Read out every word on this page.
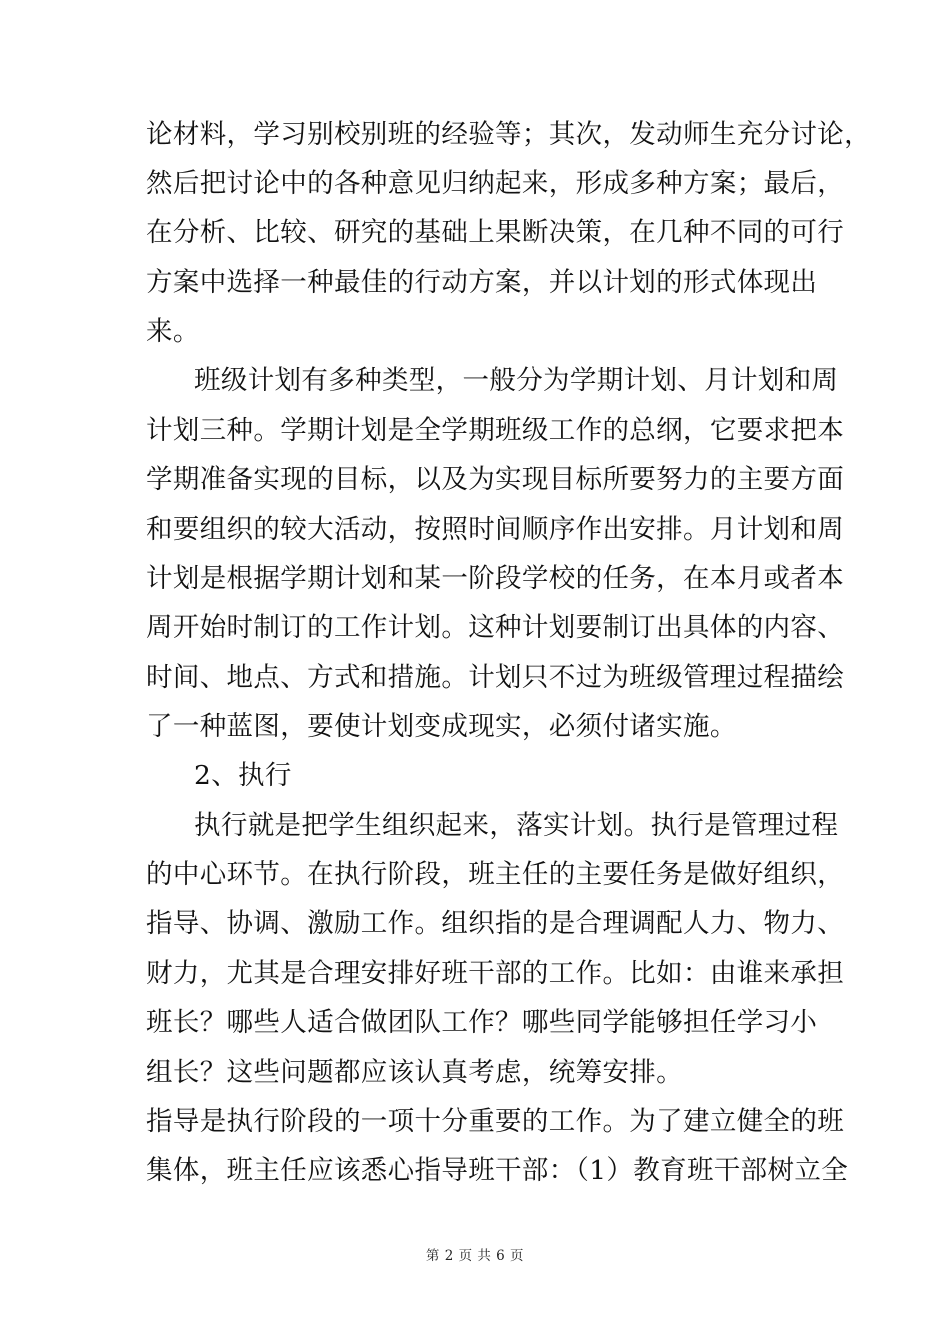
论材料，学习别校别班的经验等；其次，发动师生充分讨论，
然后把讨论中的各种意见归纳起来，形成多种方案；最后，
在分析、比较、研究的基础上果断决策，在几种不同的可行
方案中选择一种最佳的行动方案，并以计划的形式体现出
来。
班级计划有多种类型，一般分为学期计划、月计划和周
计划三种。学期计划是全学期班级工作的总纲，它要求把本
学期准备实现的目标，以及为实现目标所要努力的主要方面
和要组织的较大活动，按照时间顺序作出安排。月计划和周
计划是根据学期计划和某一阶段学校的任务，在本月或者本
周开始时制订的工作计划。这种计划要制订出具体的内容、
时间、地点、方式和措施。计划只不过为班级管理过程描绘
了一种蓝图，要使计划变成现实，必须付诸实施。
2、执行
执行就是把学生组织起来，落实计划。执行是管理过程
的中心环节。在执行阶段，班主任的主要任务是做好组织，
指导、协调、激励工作。组织指的是合理调配人力、物力、
财力，尤其是合理安排好班干部的工作。比如：由谁来承担
班长？哪些人适合做团队工作？哪些同学能够担任学习小
组长？这些问题都应该认真考虑，统筹安排。
指导是执行阶段的一项十分重要的工作。为了建立健全的班
集体，班主任应该悉心指导班干部：（1）教育班干部树立全
第 2 页 共 6 页
